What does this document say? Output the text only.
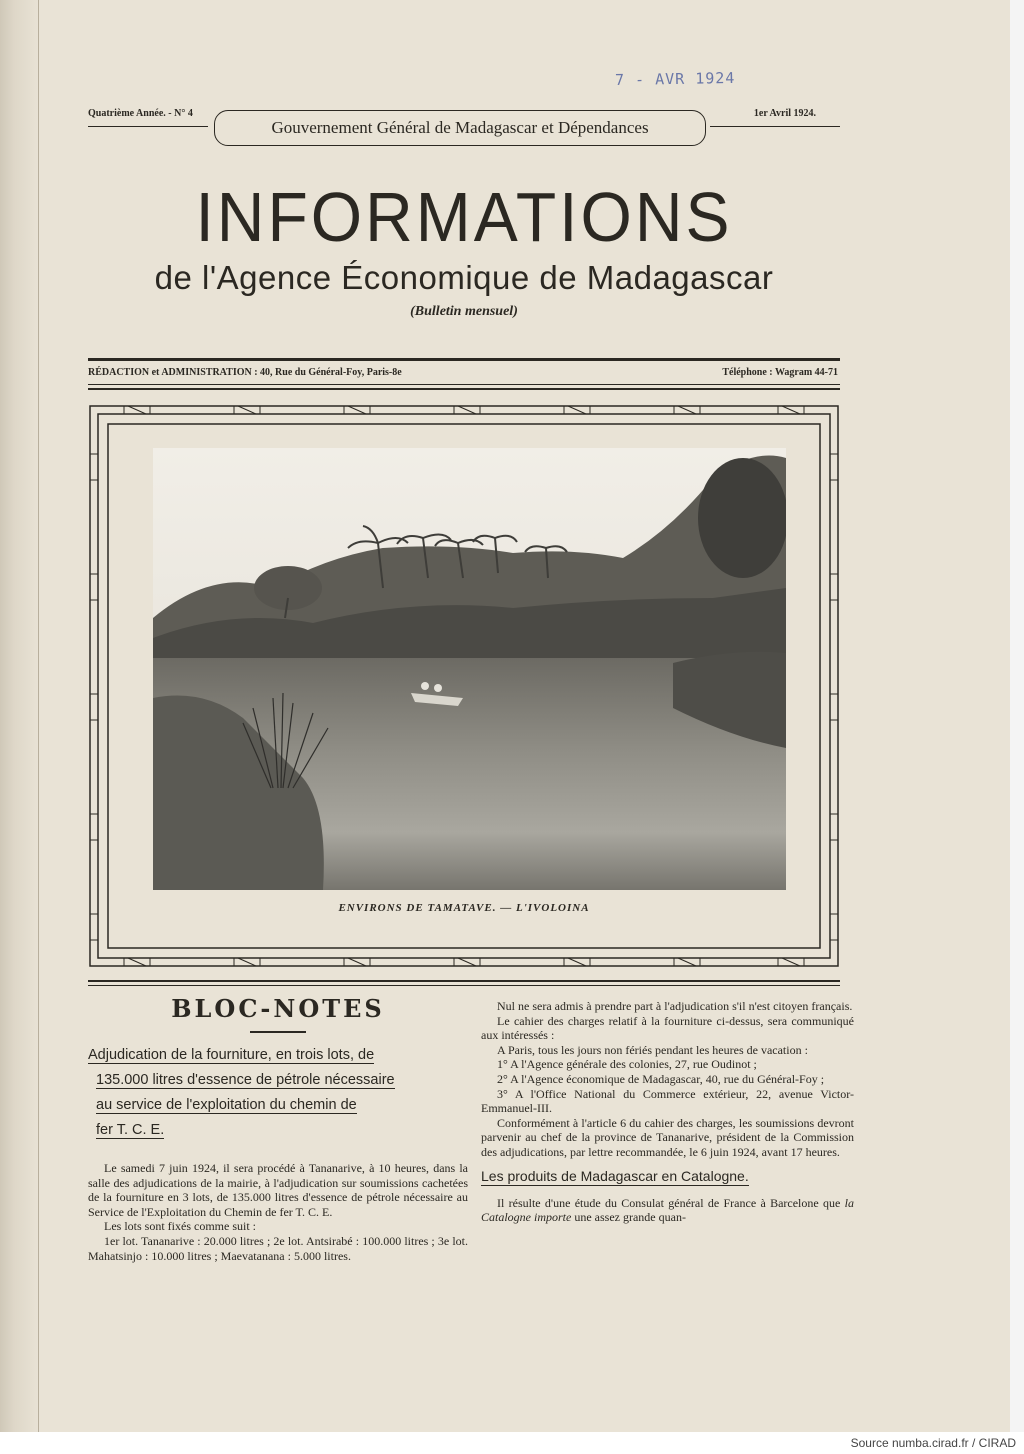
7 - AVR 1924
Quatrième Année. - N° 4
Gouvernement Général de Madagascar et Dépendances
1er Avril 1924.
INFORMATIONS
de l'Agence Économique de Madagascar
(Bulletin mensuel)
RÉDACTION et ADMINISTRATION : 40, Rue du Général-Foy, Paris-8e	Téléphone : Wagram 44-71
ENVIRONS DE TAMATAVE. — L'IVOLOINA
BLOC-NOTES
Adjudication de la fourniture, en trois lots, de
135.000 litres d'essence de pétrole nécessaire
au service de l'exploitation du chemin de
fer T. C. E.

Le samedi 7 juin 1924, il sera procédé à Tananarive, à 10 heures, dans la salle des adjudications de la mairie, à l'adjudication sur soumissions cachetées de la fourniture en 3 lots, de 135.000 litres d'essence de pétrole nécessaire au Service de l'Exploitation du Chemin de fer T. C. E.

Les lots sont fixés comme suit :

1er lot. Tananarive : 20.000 litres ; 2e lot. Antsirabé : 100.000 litres ; 3e lot. Mahatsinjo : 10.000 litres ; Maevatanana : 5.000 litres.

Nul ne sera admis à prendre part à l'adjudication s'il n'est citoyen français.

Le cahier des charges relatif à la fourniture ci-dessus, sera communiqué aux intéressés :

A Paris, tous les jours non fériés pendant les heures de vacation :

1° A l'Agence générale des colonies, 27, rue Oudinot ;

2° A l'Agence économique de Madagascar, 40, rue du Général-Foy ;

3° A l'Office National du Commerce extérieur, 22, avenue Victor-Emmanuel-III.

Conformément à l'article 6 du cahier des charges, les soumissions devront parvenir au chef de la province de Tananarive, président de la Commission des adjudications, par lettre recommandée, le 6 juin 1924, avant 17 heures.

Les produits de Madagascar en Catalogne.

Il résulte d'une étude du Consulat général de France à Barcelone que la Catalogne importe une assez grande quan-

Source numba.cirad.fr / CIRAD
